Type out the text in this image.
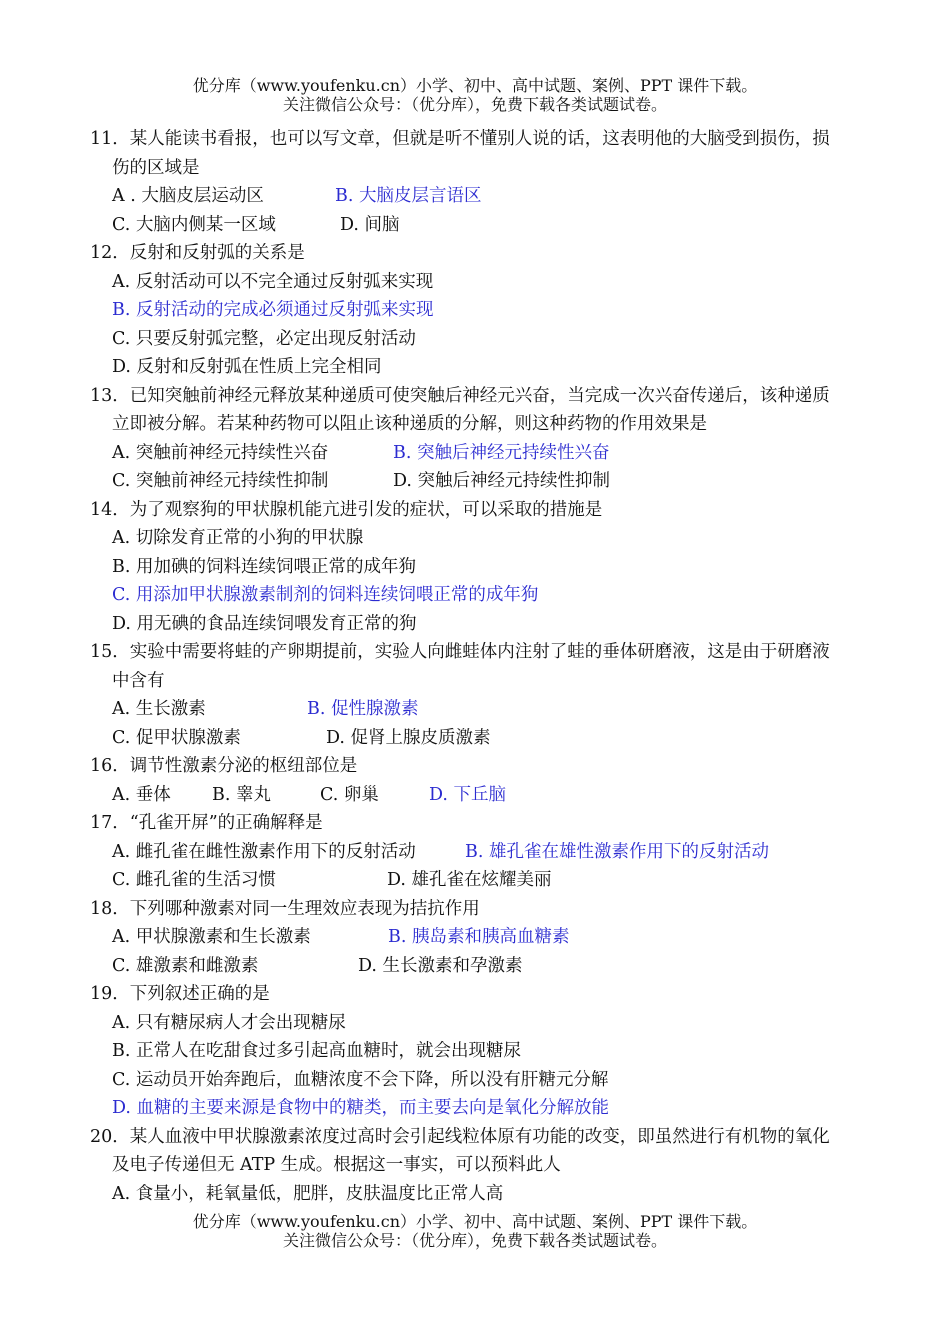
优分库（www.youfenku.cn）小学、初中、高中试题、案例、PPT 课件下载。
关注微信公众号：（优分库），免费下载各类试题试卷。
11．某人能读书看报，也可以写文章，但就是听不懂别人说的话，这表明他的大脑受到损伤，损
伤的区域是
A . 大脑皮层运动区	B. 大脑皮层言语区
C. 大脑内侧某一区域	D. 间脑
12．反射和反射弧的关系是
A. 反射活动可以不完全通过反射弧来实现
B. 反射活动的完成必须通过反射弧来实现
C. 只要反射弧完整，必定出现反射活动
D. 反射和反射弧在性质上完全相同
13．已知突触前神经元释放某种递质可使突触后神经元兴奋，当完成一次兴奋传递后，该种递质
立即被分解。若某种药物可以阻止该种递质的分解，则这种药物的作用效果是
A. 突触前神经元持续性兴奋	B. 突触后神经元持续性兴奋
C. 突触前神经元持续性抑制	D. 突触后神经元持续性抑制
14．为了观察狗的甲状腺机能亢进引发的症状，可以采取的措施是
A. 切除发育正常的小狗的甲状腺
B. 用加碘的饲料连续饲喂正常的成年狗
C. 用添加甲状腺激素制剂的饲料连续饲喂正常的成年狗
D. 用无碘的食品连续饲喂发育正常的狗
15．实验中需要将蛙的产卵期提前，实验人向雌蛙体内注射了蛙的垂体研磨液，这是由于研磨液
中含有
A. 生长激素	B. 促性腺激素
C. 促甲状腺激素	D. 促肾上腺皮质激素
16．调节性激素分泌的枢纽部位是
A. 垂体	B. 睾丸	C. 卵巢	D. 下丘脑
17．“孔雀开屏”的正确解释是
A. 雌孔雀在雌性激素作用下的反射活动	B. 雄孔雀在雄性激素作用下的反射活动
C. 雌孔雀的生活习惯	D. 雄孔雀在炫耀美丽
18．下列哪种激素对同一生理效应表现为拮抗作用
A. 甲状腺激素和生长激素	B. 胰岛素和胰高血糖素
C. 雄激素和雌激素	D. 生长激素和孕激素
19．下列叙述正确的是
A. 只有糖尿病人才会出现糖尿
B. 正常人在吃甜食过多引起高血糖时，就会出现糖尿
C. 运动员开始奔跑后，血糖浓度不会下降，所以没有肝糖元分解
D. 血糖的主要来源是食物中的糖类，而主要去向是氧化分解放能
20．某人血液中甲状腺激素浓度过高时会引起线粒体原有功能的改变，即虽然进行有机物的氧化
及电子传递但无 ATP 生成。根据这一事实，可以预料此人
A. 食量小，耗氧量低，肥胖，皮肤温度比正常人高
优分库（www.youfenku.cn）小学、初中、高中试题、案例、PPT 课件下载。
关注微信公众号：（优分库），免费下载各类试题试卷。
